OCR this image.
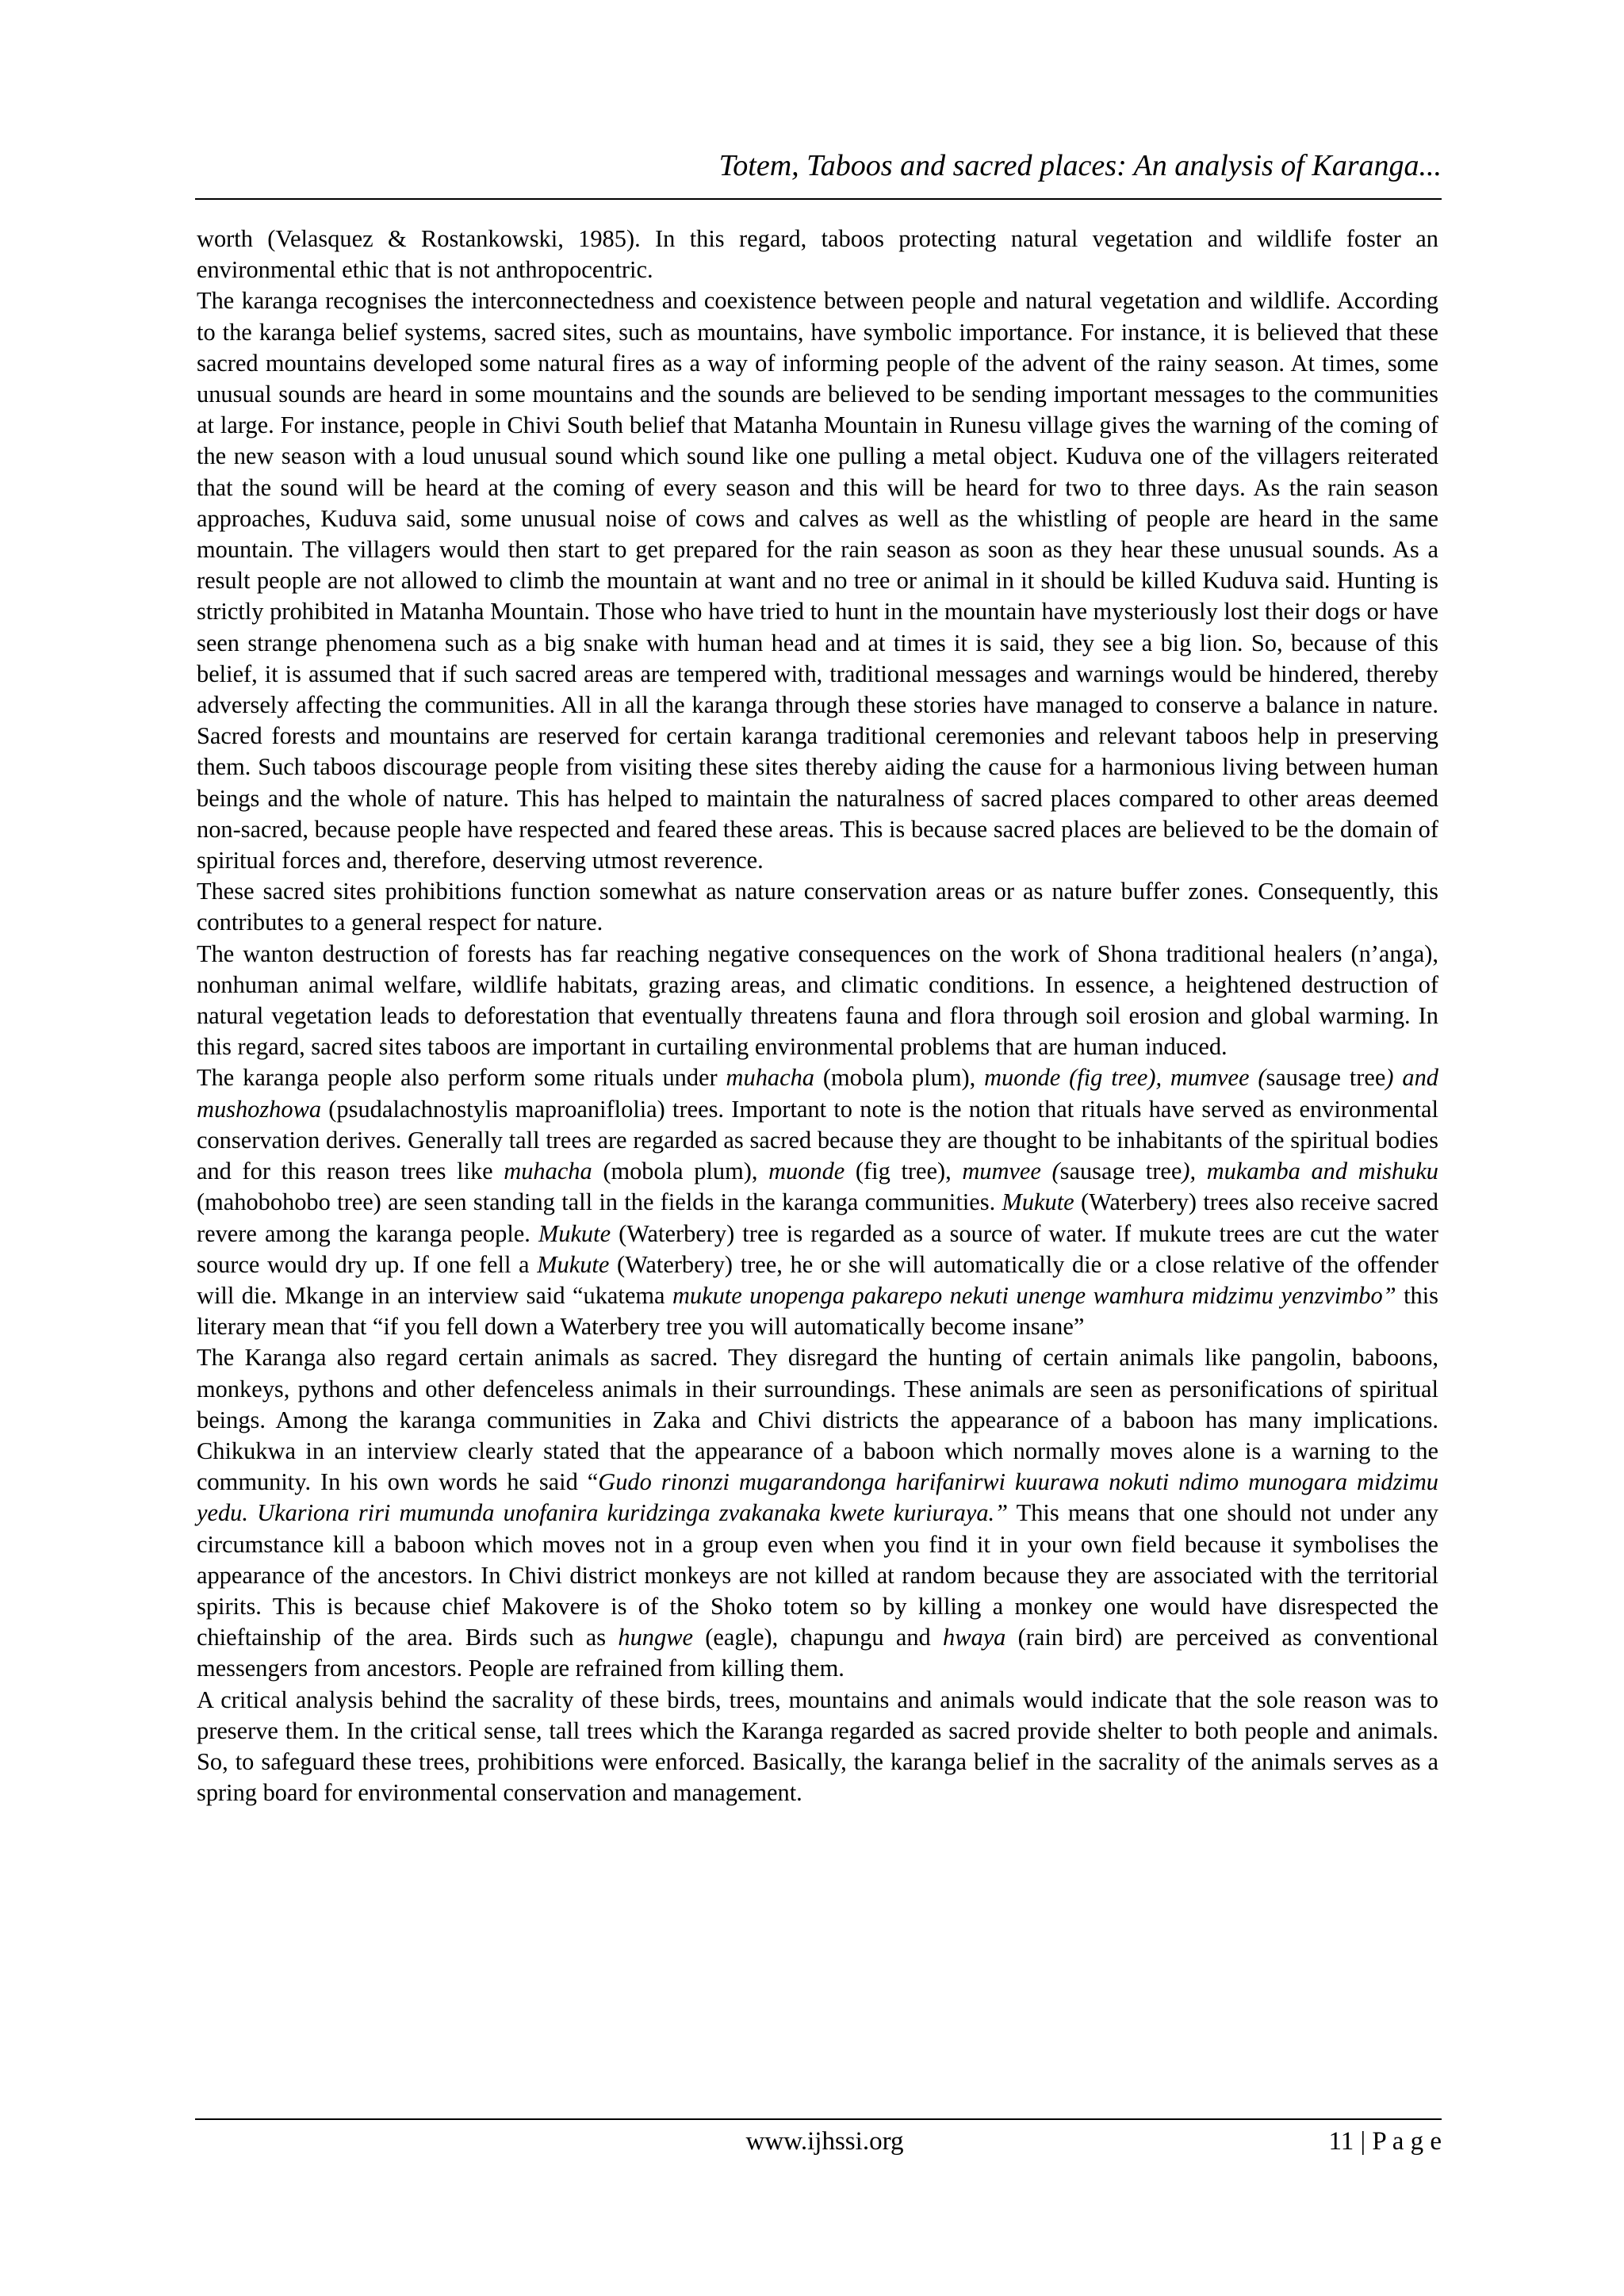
Totem, Taboos and sacred places: An analysis of Karanga...

worth (Velasquez & Rostankowski, 1985). In this regard, taboos protecting natural vegetation and wildlife foster an environmental ethic that is not anthropocentric.

The karanga recognises the interconnectedness and coexistence between people and natural vegetation and wildlife. According to the karanga belief systems, sacred sites, such as mountains, have symbolic importance. For instance, it is believed that these sacred mountains developed some natural fires as a way of informing people of the advent of the rainy season. At times, some unusual sounds are heard in some mountains and the sounds are believed to be sending important messages to the communities at large. For instance, people in Chivi South belief that Matanha Mountain in Runesu village gives the warning of the coming of the new season with a loud unusual sound which sound like one pulling a metal object. Kuduva one of the villagers reiterated that the sound will be heard at the coming of every season and this will be heard for two to three days. As the rain season approaches, Kuduva said, some unusual noise of cows and calves as well as the whistling of people are heard in the same mountain. The villagers would then start to get prepared for the rain season as soon as they hear these unusual sounds. As a result people are not allowed to climb the mountain at want and no tree or animal in it should be killed Kuduva said. Hunting is strictly prohibited in Matanha Mountain. Those who have tried to hunt in the mountain have mysteriously lost their dogs or have seen strange phenomena such as a big snake with human head and at times it is said, they see a big lion. So, because of this belief, it is assumed that if such sacred areas are tempered with, traditional messages and warnings would be hindered, thereby adversely affecting the communities. All in all the karanga through these stories have managed to conserve a balance in nature. Sacred forests and mountains are reserved for certain karanga traditional ceremonies and relevant taboos help in preserving them. Such taboos discourage people from visiting these sites thereby aiding the cause for a harmonious living between human beings and the whole of nature. This has helped to maintain the naturalness of sacred places compared to other areas deemed non-sacred, because people have respected and feared these areas. This is because sacred places are believed to be the domain of spiritual forces and, therefore, deserving utmost reverence.

These sacred sites prohibitions function somewhat as nature conservation areas or as nature buffer zones. Consequently, this contributes to a general respect for nature.

The wanton destruction of forests has far reaching negative consequences on the work of Shona traditional healers (n’anga), nonhuman animal welfare, wildlife habitats, grazing areas, and climatic conditions. In essence, a heightened destruction of natural vegetation leads to deforestation that eventually threatens fauna and flora through soil erosion and global warming. In this regard, sacred sites taboos are important in curtailing environmental problems that are human induced.

The karanga people also perform some rituals under muhacha (mobola plum), muonde (fig tree), mumvee (sausage tree) and mushozhowa (psudalachnostylis maproaniflolia) trees. Important to note is the notion that rituals have served as environmental conservation derives. Generally tall trees are regarded as sacred because they are thought to be inhabitants of the spiritual bodies and for this reason trees like muhacha (mobola plum), muonde (fig tree), mumvee (sausage tree), mukamba and mishuku (mahobohobo tree) are seen standing tall in the fields in the karanga communities. Mukute (Waterbery) trees also receive sacred revere among the karanga people. Mukute (Waterbery) tree is regarded as a source of water. If mukute trees are cut the water source would dry up. If one fell a Mukute (Waterbery) tree, he or she will automatically die or a close relative of the offender will die. Mkange in an interview said “ukatema mukute unopenga pakarepo nekuti unenge wamhura midzimu yenzvimbo” this literary mean that “if you fell down a Waterbery tree you will automatically become insane”

The Karanga also regard certain animals as sacred. They disregard the hunting of certain animals like pangolin, baboons, monkeys, pythons and other defenceless animals in their surroundings. These animals are seen as personifications of spiritual beings. Among the karanga communities in Zaka and Chivi districts the appearance of a baboon has many implications. Chikukwa in an interview clearly stated that the appearance of a baboon which normally moves alone is a warning to the community. In his own words he said “Gudo rinonzi mugarandonga harifanirwi kuurawa nokuti ndimo munogara midzimu yedu. Ukariona riri mumunda unofanira kuridzinga zvakanaka kwete kuriuraya.” This means that one should not under any circumstance kill a baboon which moves not in a group even when you find it in your own field because it symbolises the appearance of the ancestors. In Chivi district monkeys are not killed at random because they are associated with the territorial spirits. This is because chief Makovere is of the Shoko totem so by killing a monkey one would have disrespected the chieftainship of the area. Birds such as hungwe (eagle), chapungu and hwaya (rain bird) are perceived as conventional messengers from ancestors. People are refrained from killing them.

A critical analysis behind the sacrality of these birds, trees, mountains and animals would indicate that the sole reason was to preserve them. In the critical sense, tall trees which the Karanga regarded as sacred provide shelter to both people and animals. So, to safeguard these trees, prohibitions were enforced. Basically, the karanga belief in the sacrality of the animals serves as a spring board for environmental conservation and management.

www.ijhssi.org	11 | P a g e
